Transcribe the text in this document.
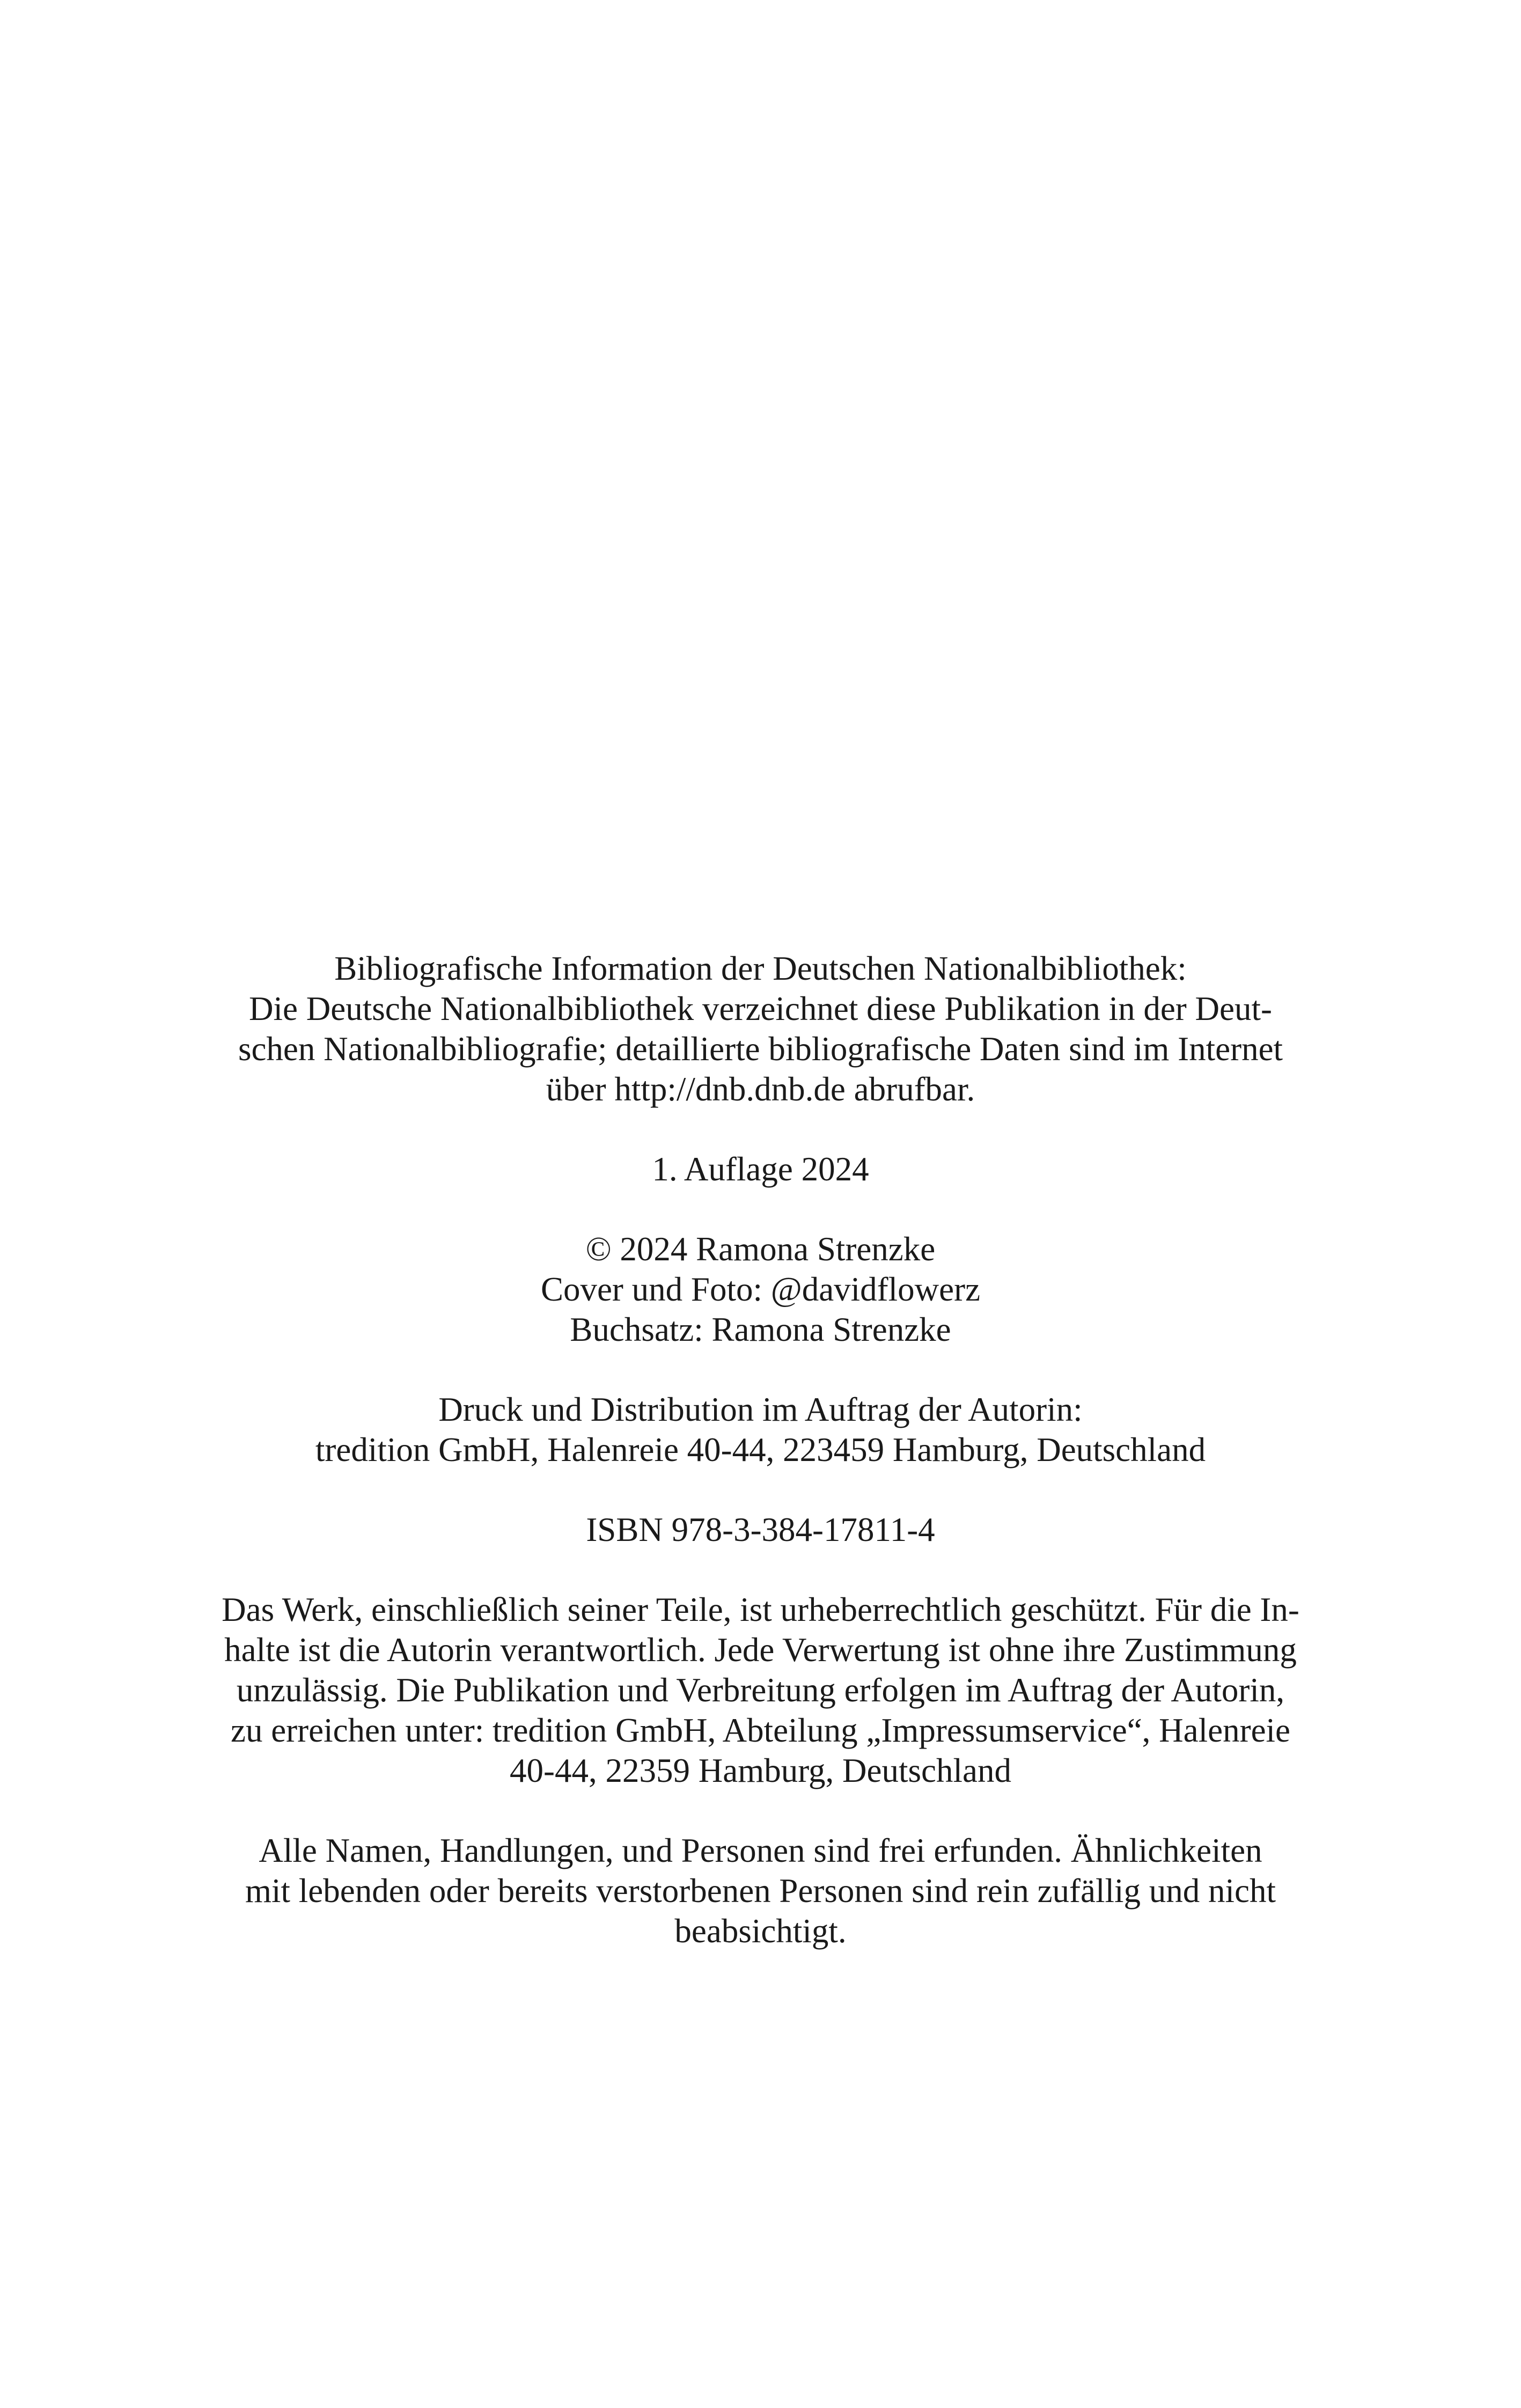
Bibliografische Information der Deutschen Nationalbibliothek:
Die Deutsche Nationalbibliothek verzeichnet diese Publikation in der Deut-
schen Nationalbibliografie; detaillierte bibliografische Daten sind im Internet
über http://dnb.dnb.de abrufbar.
1. Auflage 2024
© 2024 Ramona Strenzke
Cover und Foto: @davidflowerz
Buchsatz: Ramona Strenzke
Druck und Distribution im Auftrag der Autorin:
tredition GmbH, Halenreie 40-44, 223459 Hamburg, Deutschland
ISBN 978-3-384-17811-4
Das Werk, einschließlich seiner Teile, ist urheberrechtlich geschützt. Für die In-
halte ist die Autorin verantwortlich. Jede Verwertung ist ohne ihre Zustimmung
unzulässig. Die Publikation und Verbreitung erfolgen im Auftrag der Autorin,
zu erreichen unter: tredition GmbH, Abteilung „Impressumservice“, Halenreie
40-44, 22359 Hamburg, Deutschland
Alle Namen, Handlungen, und Personen sind frei erfunden. Ähnlichkeiten
mit lebenden oder bereits verstorbenen Personen sind rein zufällig und nicht
beabsichtigt.
